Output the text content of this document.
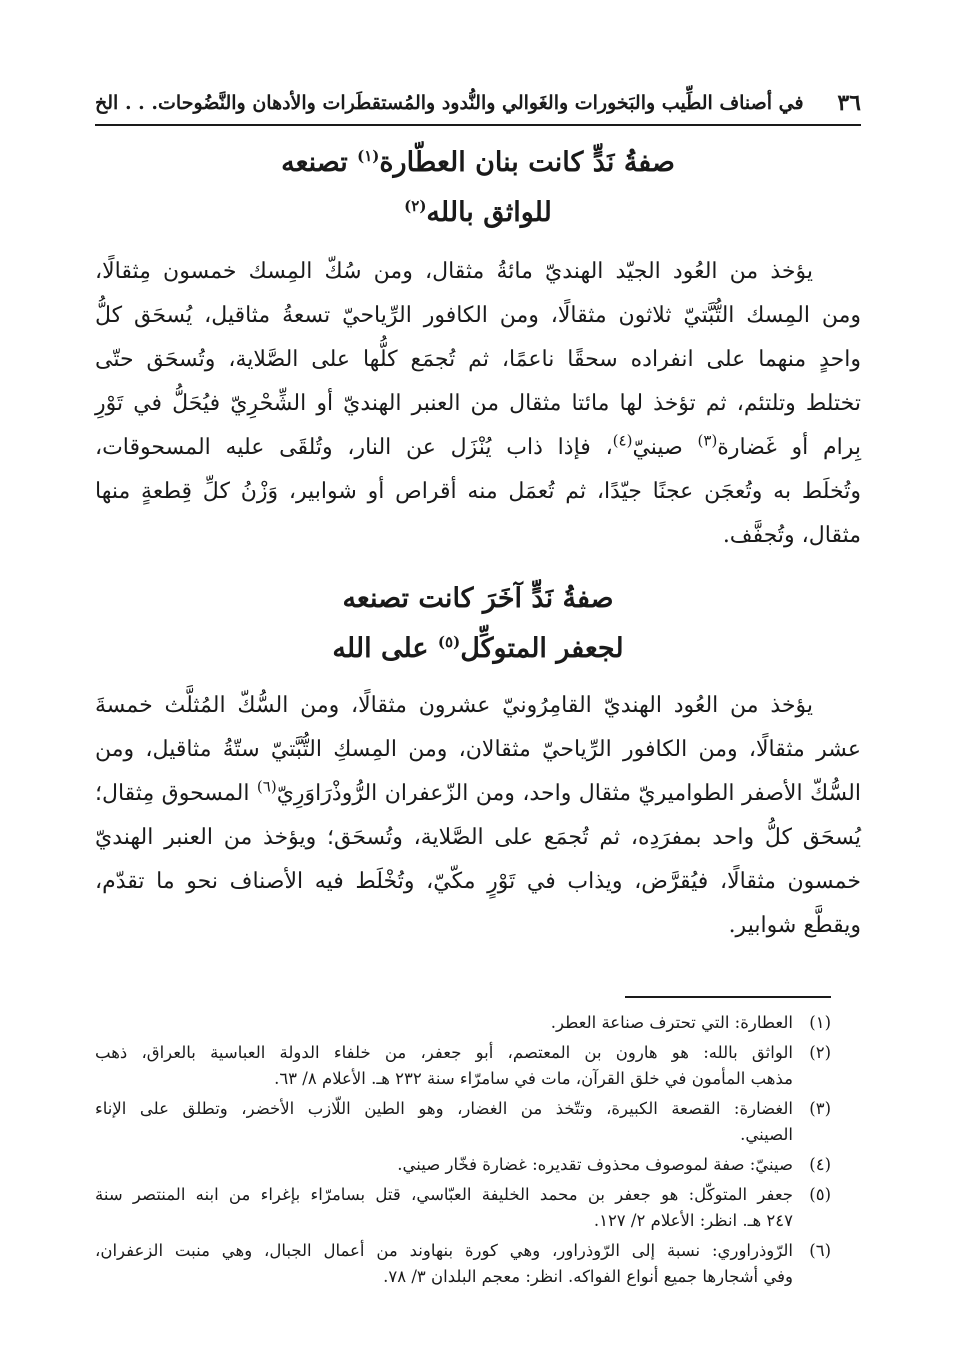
٣٦
في أصناف الطِّيب والبَخورات والغَوالي والنُّدود والمُستقطَرات والأدهان والنَّضُوحات. . . الخ

صفةُ نَدٍّ كانت بنان العطّارة$^{(١)}$ تصنعه

للواثق بالله$^{(٢)}$

يؤخذ من العُود الجيّد الهنديّ مائةُ مثقال، ومن سُكّ المِسك خمسون مِثقالًا،

ومن المِسك التُّبَّتيّ ثلاثون مثقالًا، ومن الكافور الرِّياحيّ تسعةُ مثاقيل، يُسحَق كلُّ

واحدٍ منهما على انفراده سحقًا ناعمًا، ثم تُجمَع كلُّها على الصَّلاية، وتُسحَق حتّى

تختلط وتلتئم، ثم تؤخذ لها مائتا مثقال من العنبر الهنديّ أو الشِّحْرِيّ فيُحَلُّ في تَوْرِ

بِرام أو غَضارة$^{(٣)}$ صينيّ$^{(٤)}$، فإذا ذاب يُنْزَل عن النار، وتُلقَى عليه المسحوقات،

وتُخلَط به وتُعجَن عجنًا جيّدًا، ثم تُعمَل منه أقراص أو شوابير، وَزْنُ كلِّ قِطعةٍ منها

مثقال، وتُجفَّف.

صفةُ نَدٍّ آخَرَ كانت تصنعه

لجعفر المتوكِّل$^{(٥)}$ على الله

يؤخذ من العُود الهنديّ القامِرُونيّ عشرون مثقالًا، ومن السُّكّ المُثلَّث خمسةَ

عشر مثقالًا، ومن الكافور الرِّياحيّ مثقالان، ومن المِسكِ التُّبَّتيّ ستّةُ مثاقيل، ومن

السُّكّ الأصفر الطواميريّ مثقال واحد، ومن الزّعفران الرُّوذْرَاوَرِيّ$^{(٦)}$ المسحوق مِثقال؛

يُسحَق كلُّ واحد بمفرَدِه، ثم تُجمَع على الصَّلاية، وتُسحَق؛ ويؤخذ من العنبر الهنديّ

خمسون مثقالًا، فيُقرَّض، ويذاب في تَوْرٍ مكّيّ، وتُخْلَط فيه الأصناف نحو ما تقدّم،

ويقطَّع شوابير.

(١)

العطارة: التي تحترف صناعة العطر.

(٢)

الواثق بالله: هو هارون بن المعتصم، أبو جعفر، من خلفاء الدولة العباسية بالعراق، ذهب

مذهب المأمون في خلق القرآن، مات في سامرّاء سنة ٢٣٢ هـ. الأعلام ٨/ ٦٣.

(٣)

الغضارة: القصعة الكبيرة، وتتّخذ من الغضار، وهو الطين اللّازب الأخضر، وتطلق على الإناء

الصيني.

(٤)

صينيّ: صفة لموصوف محذوف تقديره: غضارة فخّار صيني.

(٥)

جعفر المتوكّل: هو جعفر بن محمد الخليفة العبّاسي، قتل بسامرّاء بإغراء من ابنه المنتصر سنة

٢٤٧ هـ. انظر: الأعلام ٢/ ١٢٧.

(٦)

الرّوذراوري: نسبة إلى الرّوذراور، وهي كورة بنهاوند من أعمال الجبال، وهي منبت الزعفران،

وفي أشجارها جميع أنواع الفواكه. انظر: معجم البلدان ٣/ ٧٨.
